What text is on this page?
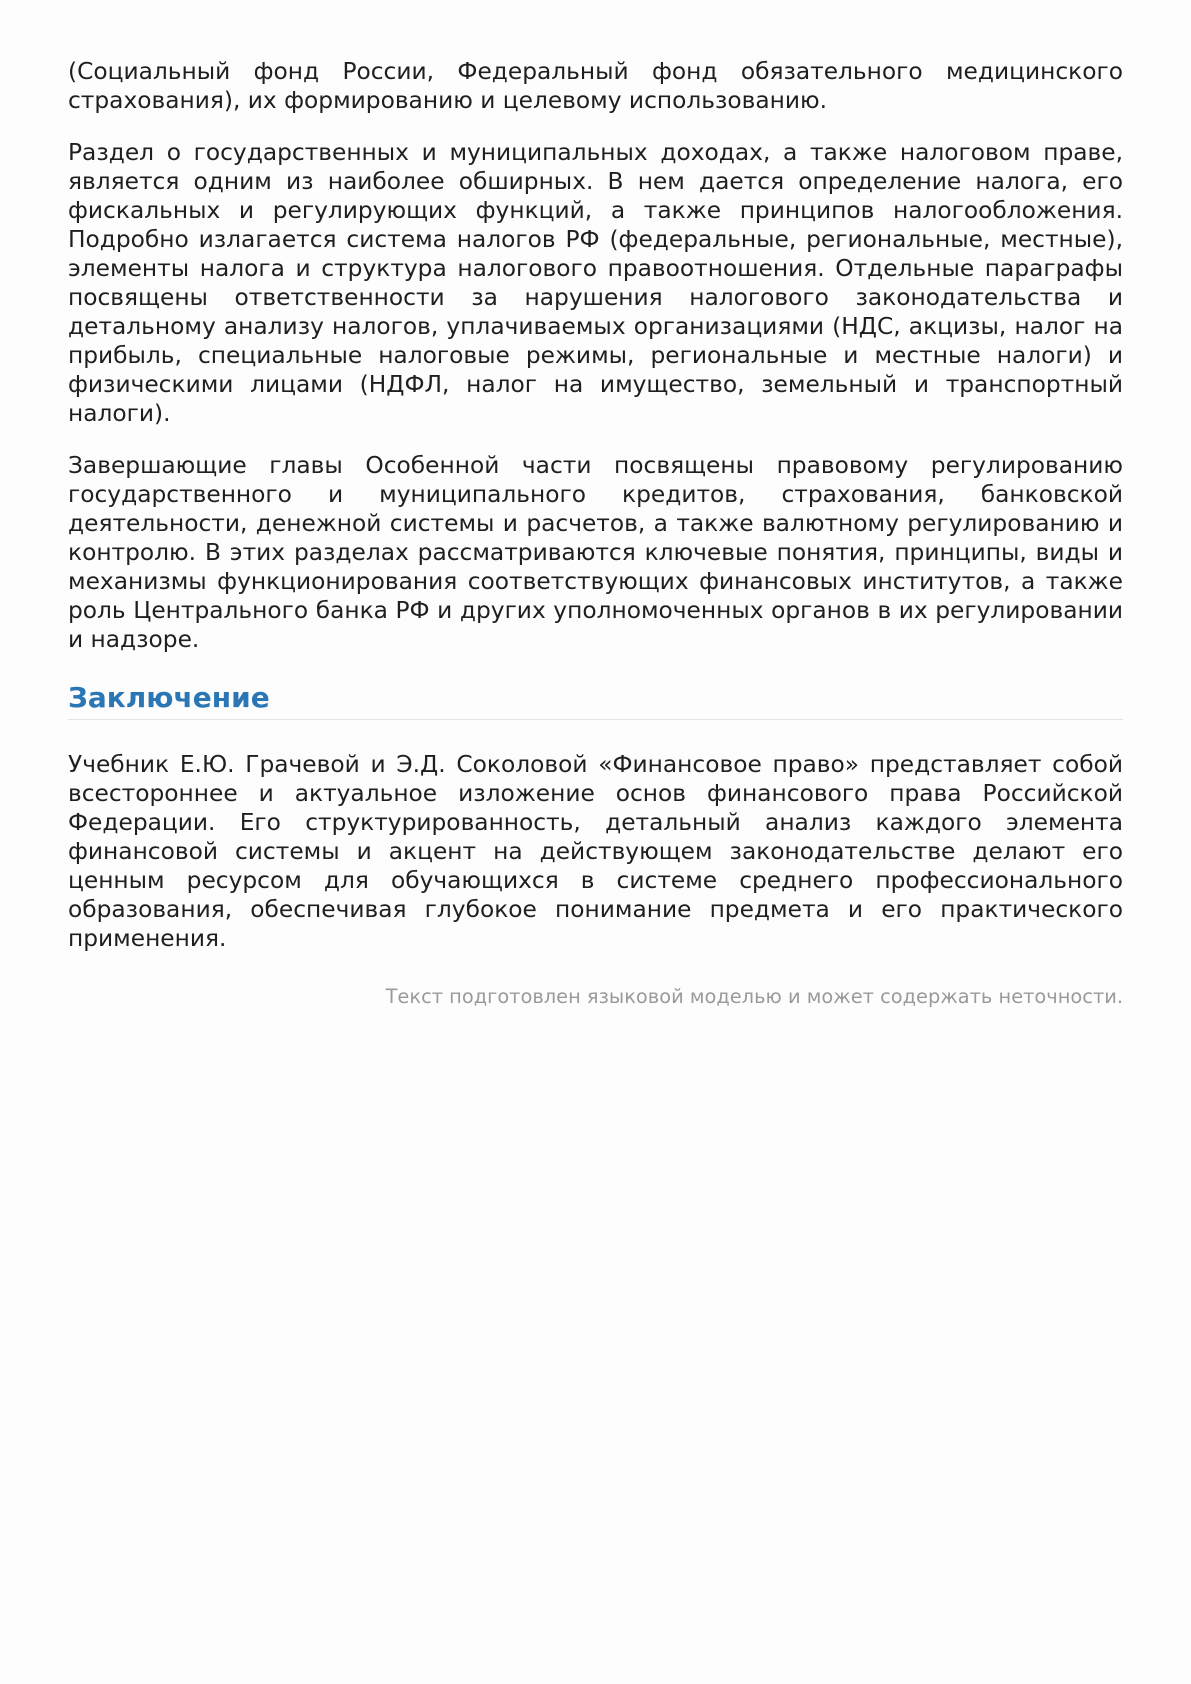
(Социальный фонд России, Федеральный фонд обязательного медицинского страхования), их формированию и целевому использованию.

Раздел о государственных и муниципальных доходах, а также налоговом праве, является одним из наиболее обширных. В нем дается определение налога, его фискальных и регулирующих функций, а также принципов налогообложения. Подробно излагается система налогов РФ (федеральные, региональные, местные), элементы налога и структура налогового правоотношения. Отдельные параграфы посвящены ответственности за нарушения налогового законодательства и детальному анализу налогов, уплачиваемых организациями (НДС, акцизы, налог на прибыль, специальные налоговые режимы, региональные и местные налоги) и физическими лицами (НДФЛ, налог на имущество, земельный и транспортный налоги).

Завершающие главы Особенной части посвящены правовому регулированию государственного и муниципального кредитов, страхования, банковской деятельности, денежной системы и расчетов, а также валютному регулированию и контролю. В этих разделах рассматриваются ключевые понятия, принципы, виды и механизмы функционирования соответствующих финансовых институтов, а также роль Центрального банка РФ и других уполномоченных органов в их регулировании и надзоре.

Заключение

Учебник Е.Ю. Грачевой и Э.Д. Соколовой «Финансовое право» представляет собой всестороннее и актуальное изложение основ финансового права Российской Федерации. Его структурированность, детальный анализ каждого элемента финансовой системы и акцент на действующем законодательстве делают его ценным ресурсом для обучающихся в системе среднего профессионального образования, обеспечивая глубокое понимание предмета и его практического применения.

Текст подготовлен языковой моделью и может содержать неточности.
